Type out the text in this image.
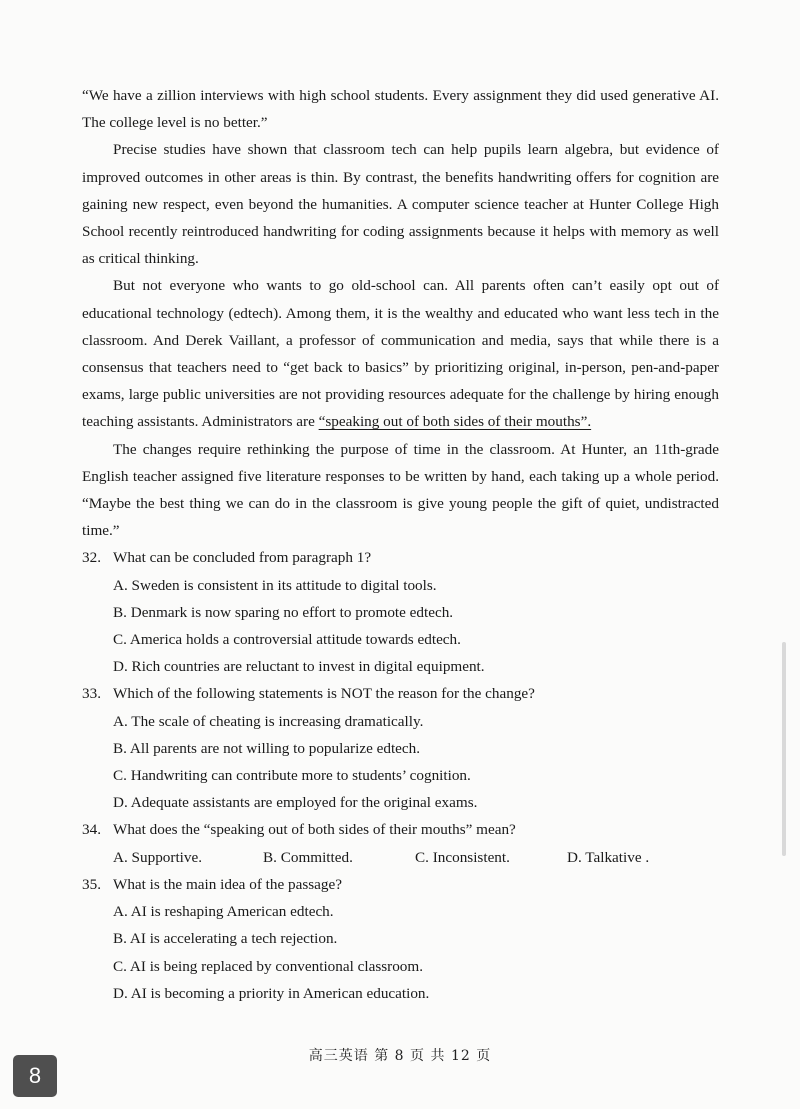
“We have a zillion interviews with high school students. Every assignment they did used generative AI. The college level is no better.”

Precise studies have shown that classroom tech can help pupils learn algebra, but evidence of improved outcomes in other areas is thin. By contrast, the benefits handwriting offers for cognition are gaining new respect, even beyond the humanities. A computer science teacher at Hunter College High School recently reintroduced handwriting for coding assignments because it helps with memory as well as critical thinking.

But not everyone who wants to go old-school can. All parents often can’t easily opt out of educational technology (edtech). Among them, it is the wealthy and educated who want less tech in the classroom. And Derek Vaillant, a professor of communication and media, says that while there is a consensus that teachers need to “get back to basics” by prioritizing original, in-person, pen-and-paper exams, large public universities are not providing resources adequate for the challenge by hiring enough teaching assistants. Administrators are “speaking out of both sides of their mouths”.

The changes require rethinking the purpose of time in the classroom. At Hunter, an 11th-grade English teacher assigned five literature responses to be written by hand, each taking up a whole period. “Maybe the best thing we can do in the classroom is give young people the gift of quiet, undistracted time.”

32. What can be concluded from paragraph 1?

A. Sweden is consistent in its attitude to digital tools.

B. Denmark is now sparing no effort to promote edtech.

C. America holds a controversial attitude towards edtech.

D. Rich countries are reluctant to invest in digital equipment.

33. Which of the following statements is NOT the reason for the change?

A. The scale of cheating is increasing dramatically.

B. All parents are not willing to popularize edtech.

C. Handwriting can contribute more to students’ cognition.

D. Adequate assistants are employed for the original exams.

34. What does the “speaking out of both sides of their mouths” mean?

A. Supportive.	B. Committed.	C. Inconsistent.	D. Talkative .

35. What is the main idea of the passage?

A. AI is reshaping American edtech.

B. AI is accelerating a tech rejection.

C. AI is being replaced by conventional classroom.

D. AI is becoming a priority in American education.

高三英语 第 8 页 共 12 页
8
